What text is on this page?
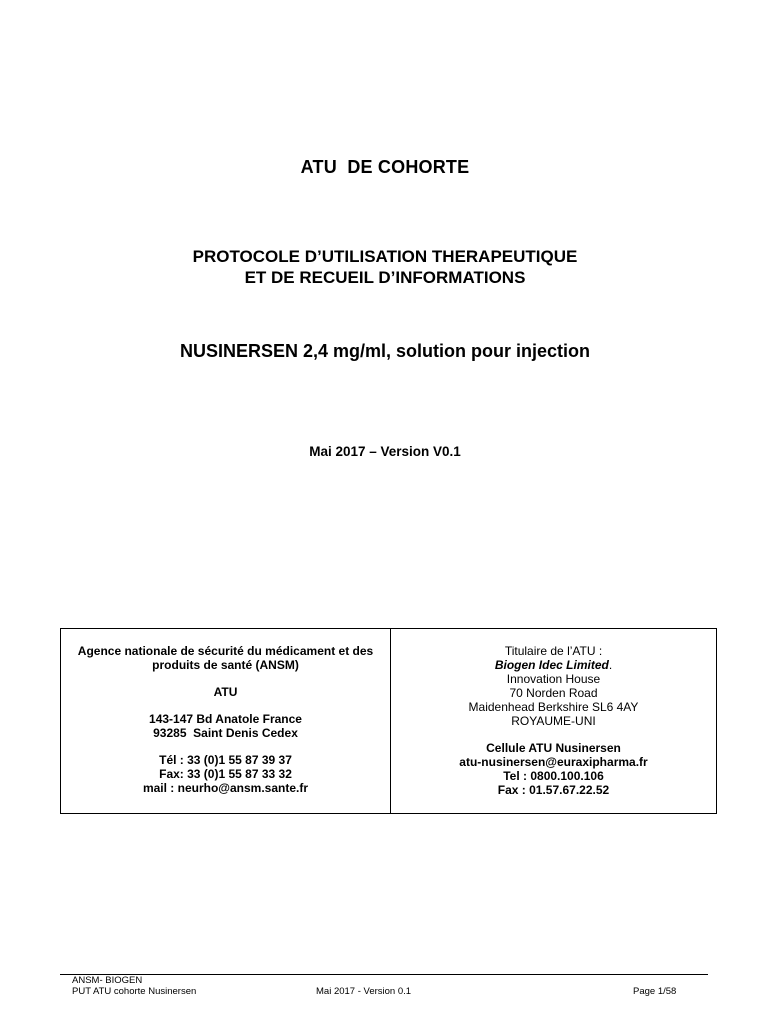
ATU  DE COHORTE
PROTOCOLE D’UTILISATION THERAPEUTIQUE
ET DE RECUEIL D’INFORMATIONS
NUSINERSEN 2,4 mg/ml, solution pour injection
Mai 2017 – Version V0.1
Agence nationale de sécurité du médicament et des
produits de santé (ANSM)
ATU
143-147 Bd Anatole France
93285  Saint Denis Cedex
Tél : 33 (0)1 55 87 39 37
Fax: 33 (0)1 55 87 33 32
mail : neurho@ansm.sante.fr
Titulaire de l’ATU :
Biogen Idec Limited.
Innovation House
70 Norden Road
Maidenhead Berkshire SL6 4AY
ROYAUME-UNI
Cellule ATU Nusinersen
atu-nusinersen@euraxipharma.fr
Tel : 0800.100.106
Fax : 01.57.67.22.52
ANSM- BIOGEN
PUT ATU cohorte Nusinersen	Mai 2017 - Version 0.1	Page 1/58
